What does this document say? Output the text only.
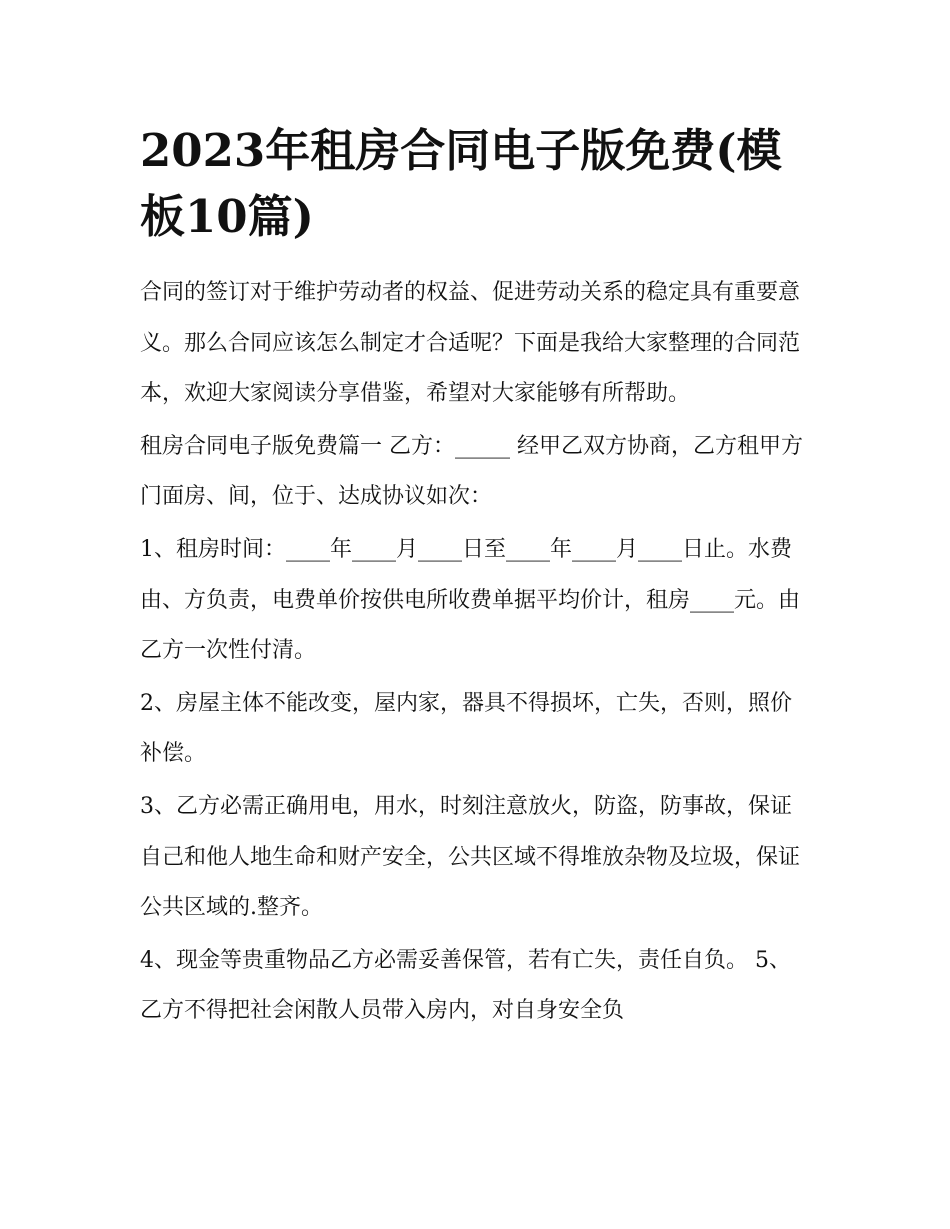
2023年租房合同电子版免费(模板10篇)

合同的签订对于维护劳动者的权益、促进劳动关系的稳定具有重要意义。那么合同应该怎么制定才合适呢？下面是我给大家整理的合同范本，欢迎大家阅读分享借鉴，希望对大家能够有所帮助。

租房合同电子版免费篇一 乙方：_____ 经甲乙双方协商，乙方租甲方门面房、间，位于、达成协议如次：

1、租房时间：____年____月____日至____年____月____日止。水费由、方负责，电费单价按供电所收费单据平均价计，租房____元。由乙方一次性付清。

2、房屋主体不能改变，屋内家，器具不得损坏，亡失，否则，照价补偿。

3、乙方必需正确用电，用水，时刻注意放火，防盗，防事故，保证自己和他人地生命和财产安全，公共区域不得堆放杂物及垃圾，保证公共区域的.整齐。

4、现金等贵重物品乙方必需妥善保管，若有亡失，责任自负。 5、乙方不得把社会闲散人员带入房内，对自身安全负
